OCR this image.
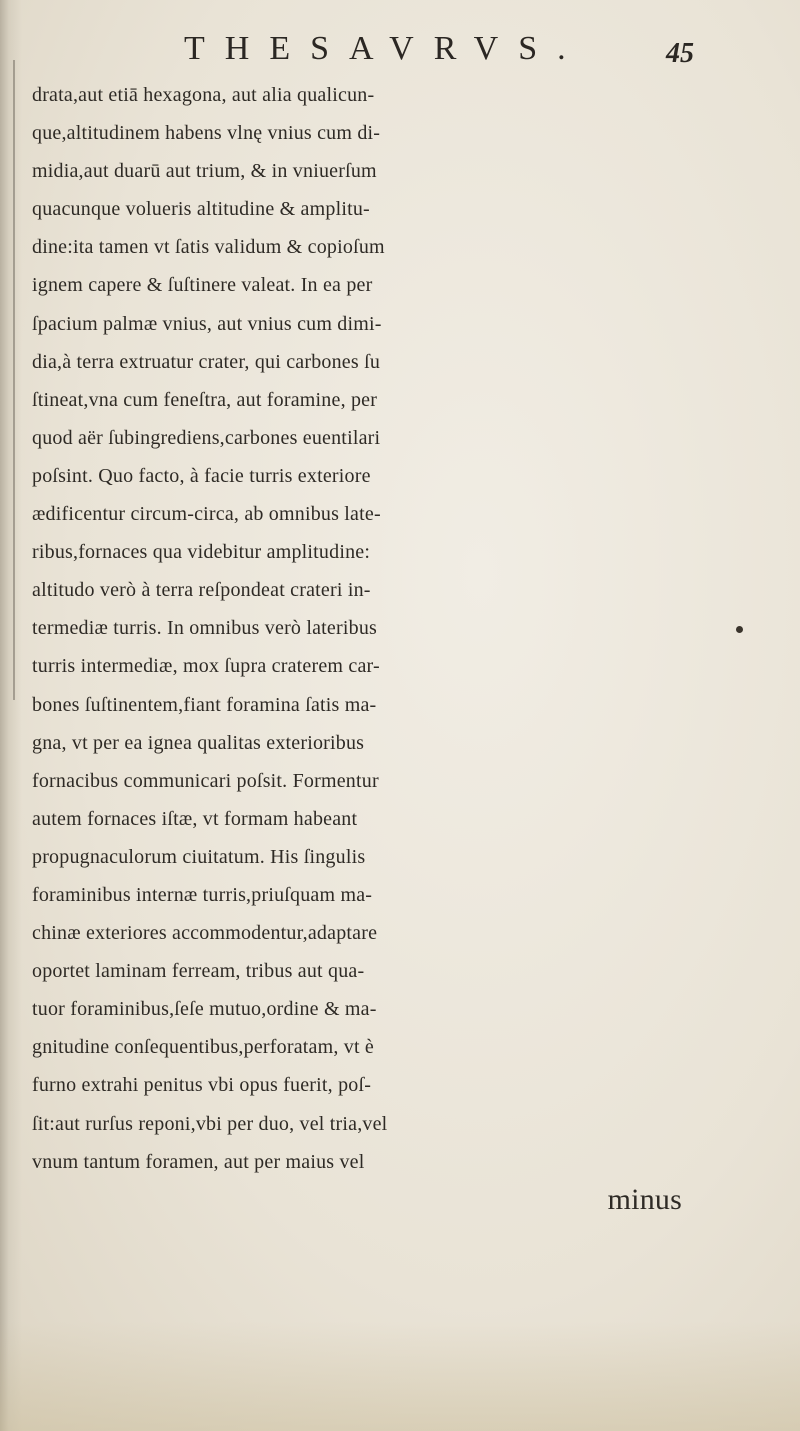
THESAVRVS.	45
drata,aut etiā hexagona, aut alia qualicun-
que,altitudinem habens vlnę vnius cum di-
midia,aut duarū aut trium, & in vniuerſum
quacunque volueris altitudine & amplitu-
dine:ita tamen vt ſatis validum & copioſum
ignem capere & ſuſtinere valeat. In ea per
ſpacium palmæ vnius, aut vnius cum dimi-
dia,à terra extruatur crater, qui carbones ſu
ſtineat,vna cum feneſtra, aut foramine, per
quod aër ſubingrediens,carbones euentilari
poſsint. Quo facto, à facie turris exteriore
ædificentur circum-circa, ab omnibus late-
ribus,fornaces qua videbitur amplitudine:
altitudo verò à terra reſpondeat crateri in-
termediæ turris. In omnibus verò lateribus
turris intermediæ, mox ſupra craterem car-
bones ſuſtinentem,fiant foramina ſatis ma-
gna, vt per ea ignea qualitas exterioribus
fornacibus communicari poſsit. Formentur
autem fornaces iſtæ, vt formam habeant
propugnaculorum ciuitatum. His ſingulis
foraminibus internæ turris,priuſquam ma-
chinæ exteriores accommodentur,adaptare
oportet laminam ferream, tribus aut qua-
tuor foraminibus,ſeſe mutuo,ordine & ma-
gnitudine conſequentibus,perforatam, vt è
furno extrahi penitus vbi opus fuerit, poſ-
ſit:aut rurſus reponi,vbi per duo, vel tria,vel
vnum tantum foramen, aut per maius vel
minus
